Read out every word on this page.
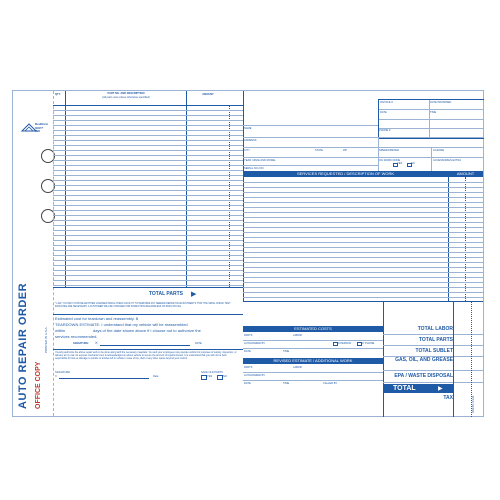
Rediform
SOFT INK
AUTO REPAIR ORDER OFFICE COPY
PRINTED IN U.S.A.
#RCD1 0344
QTY.	PART NO. AND DESCRIPTION
(All parts new unless otherwise specified)
AMOUNT
TOTAL PARTS ▶
* LAW, YOU MAY CHOOSE ANOTHER LICENSED SMOG CHECK FACILITY TO PERFORM ANY NEEDED REPAIR OR ADJUSTMENTS THAT THE SMOG CHECK TEST INDICATES ARE NECESSARY. A CUSTOMER WILL BE CHARGED FOR INSPECTION REGARDLESS OF PASS OR FAIL.
Estimated cost for teardown and reassembly. $
TEARDOWN ESTIMATE: I understand that my vehicle will be reassembled
within	days of the date shown above if I choose not to authorize the
services recommended.
SIGNATURE: X	DATE
I hereby authorize the above repair work to be done along with the necessary materials. You and your employees may operate vehicle for purposes of testing, inspection, or delivery at my risk. An express mechanic's lien is acknowledged on above vehicle to secure the amount of repairs thereto. It is understood that you will not be held responsible for loss or damage to vehicle or articles left in vehicle in case of fire, theft or any other cause beyond your control.
SIGNATURE
X	Date
SAVE OLD PARTS
YES	NO
INVOICE #	DATE PROMISED
DATE	TIME
NAME
PHONE #
ADDRESS
CITY	STATE	ZIP	SPEEDOMETER	LICENSE
YEAR, MAKE AND MODEL	OIL WORK DONE
YES	NO
ACCESSORIES EXTRA
SERIAL NO./VIN
SERVICES REQUESTED / DESCRIPTION OF WORK	AMOUNT
ESTIMATED COSTS
PARTS	LABOR
AUTHORIZED BY	IN PERSON	BY PHONE
DATE	TIME
REVISED ESTIMATE / ADDITIONAL WORK
PARTS	LABOR
AUTHORIZED BY
DATE	TIME	CALLED BY
TOTAL LABOR
TOTAL PARTS
TOTAL SUBLET
GAS, OIL, AND GREASE
EPA / WASTE DISPOSAL
TOTAL	▶
TAX
